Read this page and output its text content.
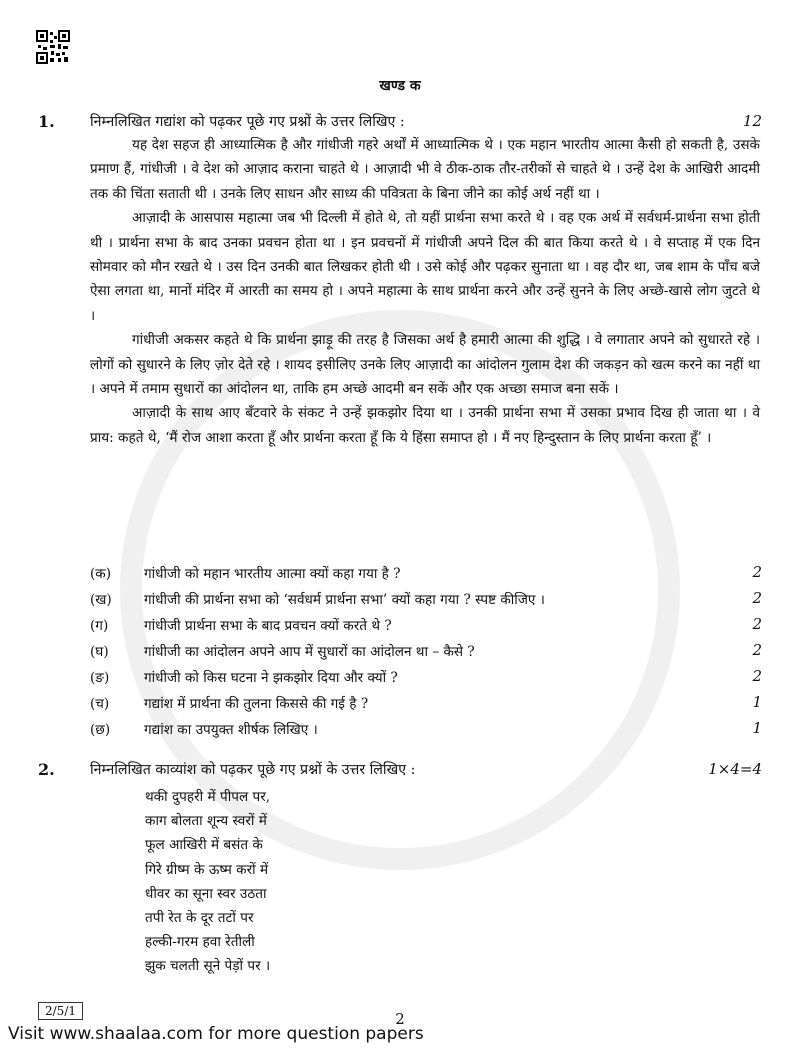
खण्ड क
1. निम्नलिखित गद्यांश को पढ़कर पूछे गए प्रश्नों के उत्तर लिखिए :	12

यह देश सहज ही आध्यात्मिक है और गांधीजी गहरे अर्थों में आध्यात्मिक थे । एक महान भारतीय आत्मा कैसी हो सकती है, उसके प्रमाण हैं, गांधीजी । वे देश को आज़ाद कराना चाहते थे । आज़ादी भी वे ठीक-ठाक तौर-तरीकों से चाहते थे । उन्हें देश के आखिरी आदमी तक की चिंता सताती थी । उनके लिए साधन और साध्य की पवित्रता के बिना जीने का कोई अर्थ नहीं था ।

आज़ादी के आसपास महात्मा जब भी दिल्ली में होते थे, तो यहीं प्रार्थना सभा करते थे । वह एक अर्थ में सर्वधर्म-प्रार्थना सभा होती थी । प्रार्थना सभा के बाद उनका प्रवचन होता था । इन प्रवचनों में गांधीजी अपने दिल की बात किया करते थे । वे सप्ताह में एक दिन सोमवार को मौन रखते थे । उस दिन उनकी बात लिखकर होती थी । उसे कोई और पढ़कर सुनाता था । वह दौर था, जब शाम के पाँच बजे ऐसा लगता था, मानों मंदिर में आरती का समय हो । अपने महात्मा के साथ प्रार्थना करने और उन्हें सुनने के लिए अच्छे-खासे लोग जुटते थे ।

गांधीजी अकसर कहते थे कि प्रार्थना झाड़ू की तरह है जिसका अर्थ है हमारी आत्मा की शुद्धि । वे लगातार अपने को सुधारते रहे । लोगों को सुधारने के लिए ज़ोर देते रहे । शायद इसीलिए उनके लिए आज़ादी का आंदोलन गुलाम देश की जकड़न को खत्म करने का नहीं था । अपने में तमाम सुधारों का आंदोलन था, ताकि हम अच्छे आदमी बन सकें और एक अच्छा समाज बना सकें ।

आज़ादी के साथ आए बँटवारे के संकट ने उन्हें झकझोर दिया था । उनकी प्रार्थना सभा में उसका प्रभाव दिख ही जाता था । वे प्राय: कहते थे, ‘मैं रोज आशा करता हूँ और प्रार्थना करता हूँ कि ये हिंसा समाप्त हो । मैं नए हिन्दुस्तान के लिए प्रार्थना करता हूँ’ ।

(क) गांधीजी को महान भारतीय आत्मा क्यों कहा गया है ?	2
(ख) गांधीजी की प्रार्थना सभा को ‘सर्वधर्म प्रार्थना सभा’ क्यों कहा गया ? स्पष्ट कीजिए ।	2
(ग)	गांधीजी प्रार्थना सभा के बाद प्रवचन क्यों करते थे ?	2
(घ)	गांधीजी का आंदोलन अपने आप में सुधारों का आंदोलन था – कैसे ?	2
(ङ)	गांधीजी को किस घटना ने झकझोर दिया और क्यों ?	2
(च)	गद्यांश में प्रार्थना की तुलना किससे की गई है ?	1
(छ) गद्यांश का उपयुक्त शीर्षक लिखिए ।	1
2. निम्नलिखित काव्यांश को पढ़कर पूछे गए प्रश्नों के उत्तर लिखिए :	1×4=4
थकी दुपहरी में पीपल पर,
काग बोलता शून्य स्वरों में
फूल आखिरी में बसंत के
गिरे ग्रीष्म के ऊष्म करों में
धीवर का सूना स्वर उठता
तपी रेत के दूर तटों पर
हल्की-गरम हवा रेतीली
झुक चलती सूने पेड़ों पर ।
2/5/1	2
Visit www.shaalaa.com for more question papers
